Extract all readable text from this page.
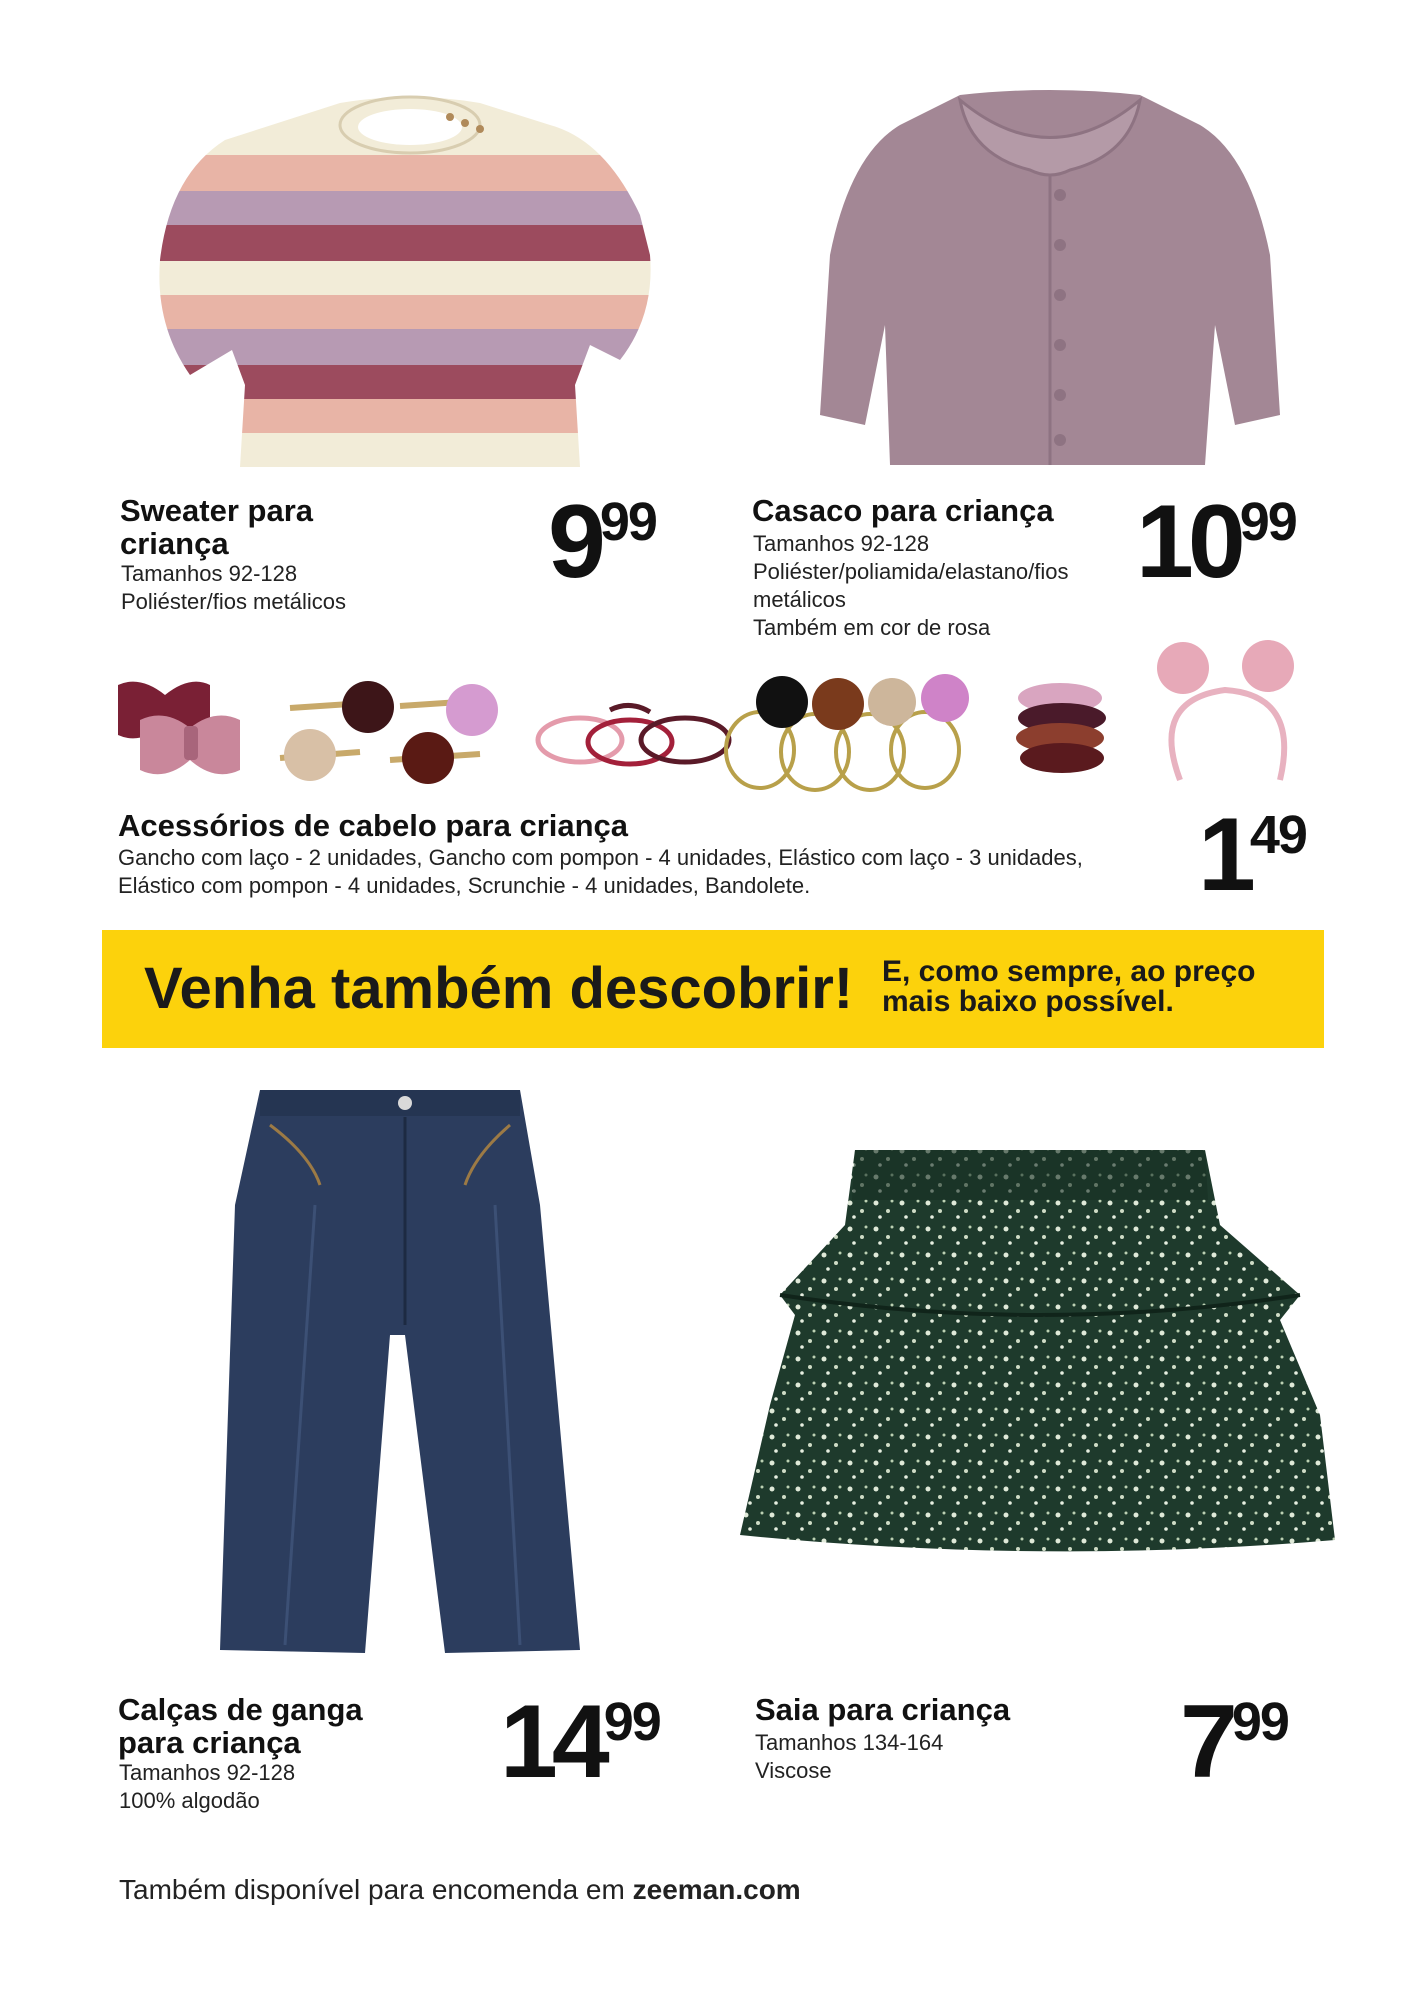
Sweater para
criança
Tamanhos 92-128
Poliéster/fios metálicos
999	Casaco para criança
Tamanhos 92-128
Poliéster/poliamida/elastano/fios
metálicos
Também em cor de rosa
1099
Acessórios de cabelo para criança
Gancho com laço - 2 unidades, Gancho com pompon - 4 unidades, Elástico com laço - 3 unidades,
Elástico com pompon - 4 unidades, Scrunchie - 4 unidades, Bandolete.	149
Venha também descobrir! E, como sempre, ao preço
mais baixo possível.
Calças de ganga
para criança
Tamanhos 92-128
100% algodão
1499	Saia para criança
Tamanhos 134-164
Viscose	799
Também disponível para encomenda em zeeman.com
